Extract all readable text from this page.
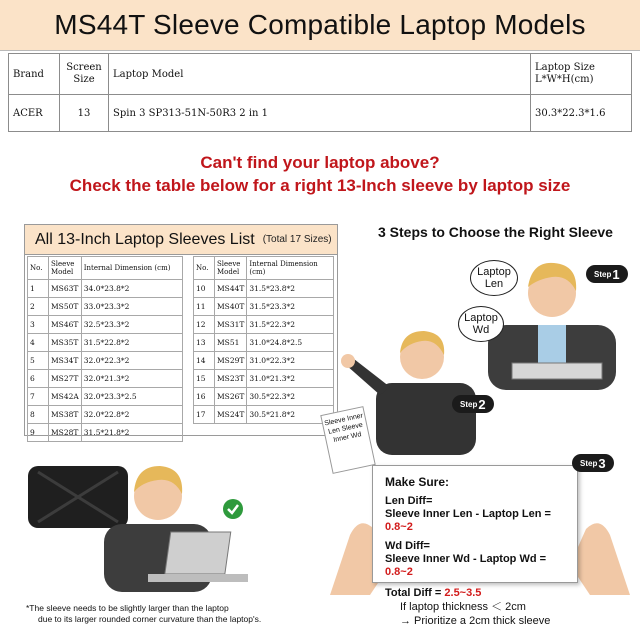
MS44T Sleeve Compatible Laptop Models
Brand	Screen Size	Laptop Model	Laptop Size L*W*H(cm)
ACER	13	Spin 3 SP313-51N-50R3 2 in 1	30.3*22.3*1.6
Can't find your laptop above?
Check the table below for a right 13-Inch sleeve by laptop size
All 13-Inch Laptop Sleeves List (Total 17 Sizes)
No.	Sleeve Model	Internal Dimension (cm)
1	MS63T	34.0*23.8*2
2	MS50T	33.0*23.3*2
3	MS46T	32.5*23.3*2
4	MS35T	31.5*22.8*2
5	MS34T	32.0*22.3*2
6	MS27T	32.0*21.3*2
7	MS42A	32.0*23.3*2.5
8	MS38T	32.0*22.8*2
9	MS28T	31.5*21.8*2
No.	Sleeve Model	Internal Dimension (cm)
10	MS44T	31.5*23.8*2
11	MS40T	31.5*23.3*2
12	MS31T	31.5*22.3*2
13	MS51	31.0*24.8*2.5
14	MS29T	31.0*22.3*2
15	MS23T	31.0*21.3*2
16	MS26T	30.5*22.3*2
17	MS24T	30.5*21.8*2
3 Steps to Choose the Right Sleeve
Laptop Len
Laptop Wd
Step 1
Sleeve Inner Len Sleeve Inner Wd
Step 2
Make Sure:
Len Diff=
Sleeve Inner Len - Laptop Len = 0.8~2
Wd Diff=
Sleeve Inner Wd - Laptop Wd = 0.8~2
Total Diff = 2.5~3.5
Step 3
*The sleeve needs to be slightly larger than the laptop
due to its larger rounded corner curvature than the laptop's.
If laptop thickness ＜ 2cm
→ Prioritize a 2cm thick sleeve
